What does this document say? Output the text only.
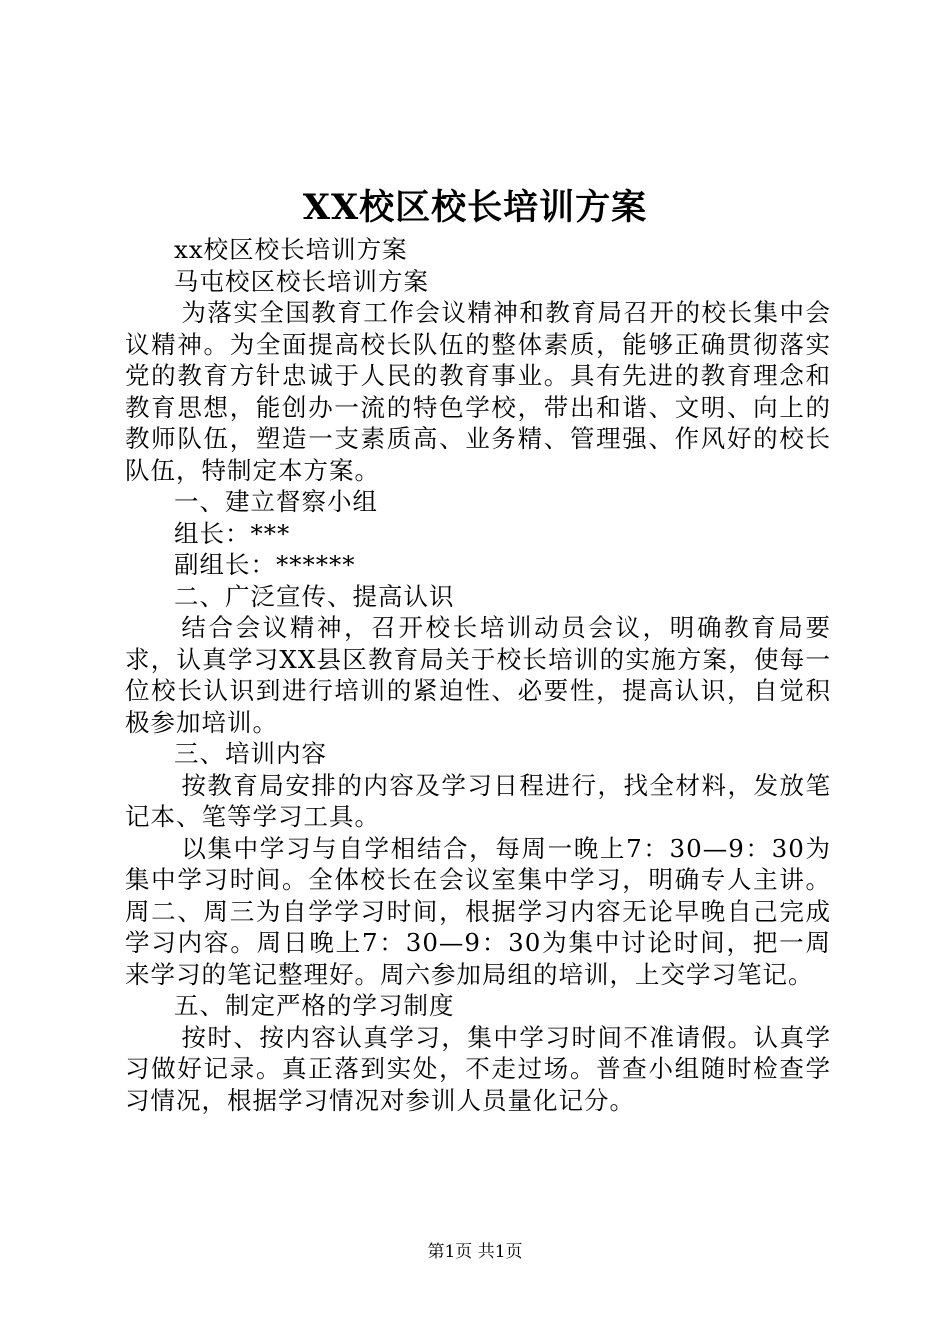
XX校区校长培训方案

xx校区校长培训方案

马屯校区校长培训方案

为落实全国教育工作会议精神和教育局召开的校长集中会议精神。为全面提高校长队伍的整体素质，能够正确贯彻落实党的教育方针忠诚于人民的教育事业。具有先进的教育理念和教育思想，能创办一流的特色学校，带出和谐、文明、向上的教师队伍，塑造一支素质高、业务精、管理强、作风好的校长队伍，特制定本方案。

一、建立督察小组

组长：***

副组长：******

二、广泛宣传、提高认识

结合会议精神，召开校长培训动员会议，明确教育局要求，认真学习XX县区教育局关于校长培训的实施方案，使每一位校长认识到进行培训的紧迫性、必要性，提高认识，自觉积极参加培训。

三、培训内容

按教育局安排的内容及学习日程进行，找全材料，发放笔记本、笔等学习工具。

以集中学习与自学相结合，每周一晚上7：30—9：30为集中学习时间。全体校长在会议室集中学习，明确专人主讲。周二、周三为自学学习时间，根据学习内容无论早晚自己完成学习内容。周日晚上7：30—9：30为集中讨论时间，把一周来学习的笔记整理好。周六参加局组的培训，上交学习笔记。

五、制定严格的学习制度

按时、按内容认真学习，集中学习时间不准请假。认真学习做好记录。真正落到实处，不走过场。普查小组随时检查学习情况，根据学习情况对参训人员量化记分。

第1页 共1页
